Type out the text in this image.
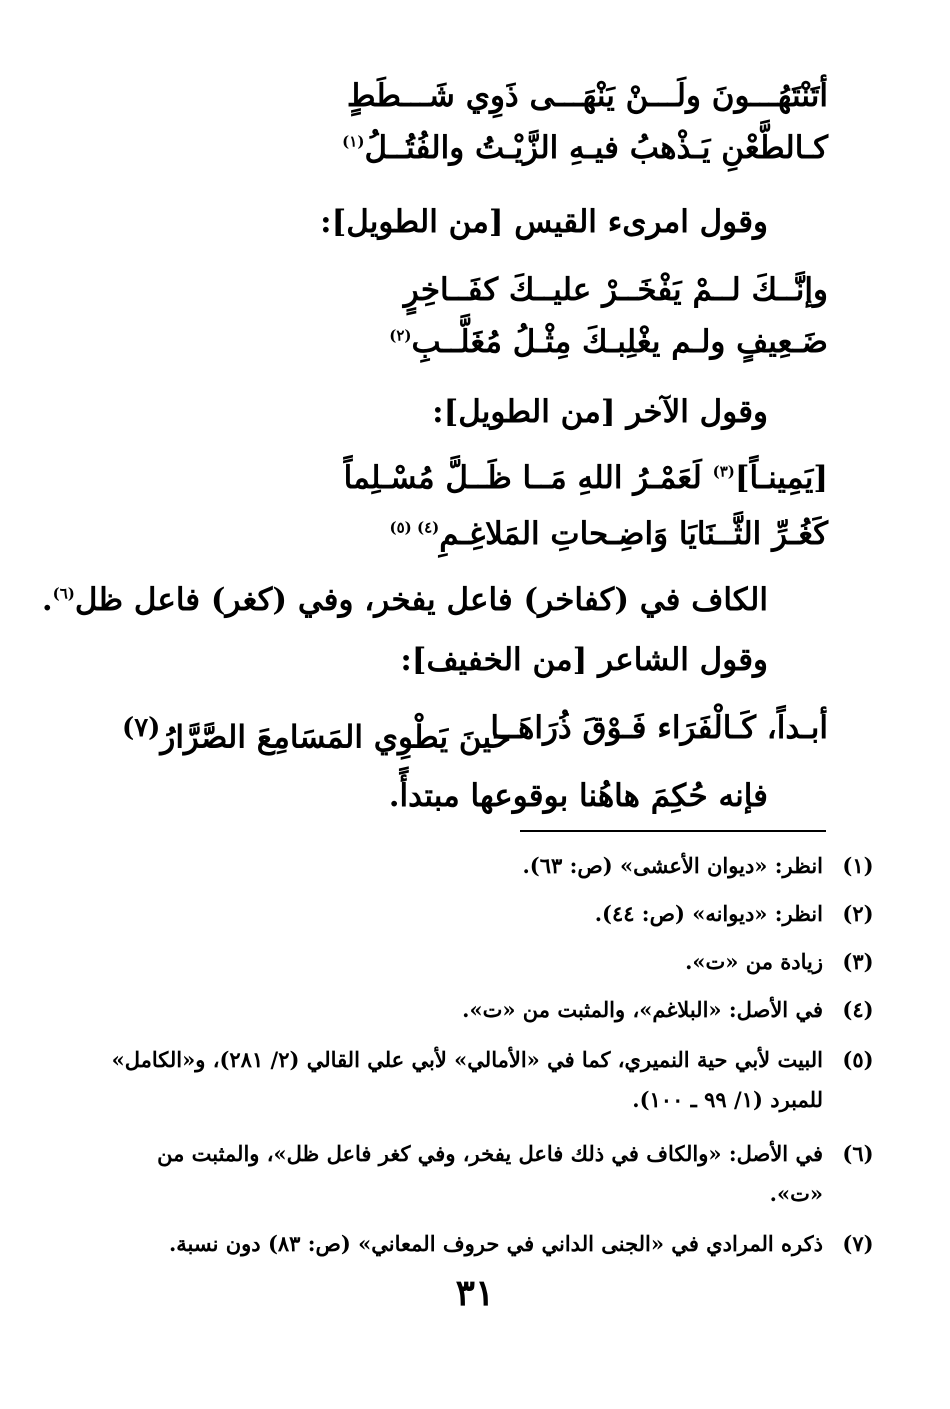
أتَنْتَهُـــونَ ولَـــنْ يَنْهَـــى ذَوِي شَـــطَطٍ
كـالطَّعْنِ يَـذْهبُ فيـهِ الزَّيْـتُ والفُتُــلُ$^{(١)}$
وقول امرىء القيس [من الطويل]:
وإنَّــكَ لــمْ يَفْخَــرْ عليــكَ كفَــاخِرٍ
ضَـعِيفٍ ولـم يغْلِبـكَ مِثْـلُ مُغَلَّــبِ$^{(٢)}$
وقول الآخر [من الطويل]:
[يَمِينـاً]$^{(٣)}$ لَعَمْـرُ اللهِ مَــا ظَــلَّ مُسْـلِماً
كَغُـرِّ الثَّــنَايَا وَاضِـحاتِ المَلاغِـمِ$^{(٤) (٥)}$
الكاف في (كفاخر) فاعل يفخر، وفي (كغر) فاعل ظل$^{(٦)}$.
وقول الشاعر [من الخفيف]:
أبـداً، كَـالْفَرَاء فَـوْقَ ذُرَاهَــا
حينَ يَطْوِي المَسَامِعَ الصَّرَّارُ$^{(٧)}$
فإنه حُكِمَ هاهُنا بوقوعها مبتدأً.
(١)
انظر: «ديوان الأعشى» (ص: ٦٣).
(٢)
انظر: «ديوانه» (ص: ٤٤).
(٣)
زيادة من «ت».
(٤)
في الأصل: «البلاغم»، والمثبت من «ت».
(٥)
البيت لأبي حية النميري، كما في «الأمالي» لأبي علي القالي (٢/ ٢٨١)، و«الكامل» للمبرد (١/ ٩٩ ـ ١٠٠).
(٦)
في الأصل: «والكاف في ذلك فاعل يفخر، وفي كغر فاعل ظل»، والمثبت من «ت».
(٧)
ذكره المرادي في «الجنى الداني في حروف المعاني» (ص: ٨٣) دون نسبة.
٣١
